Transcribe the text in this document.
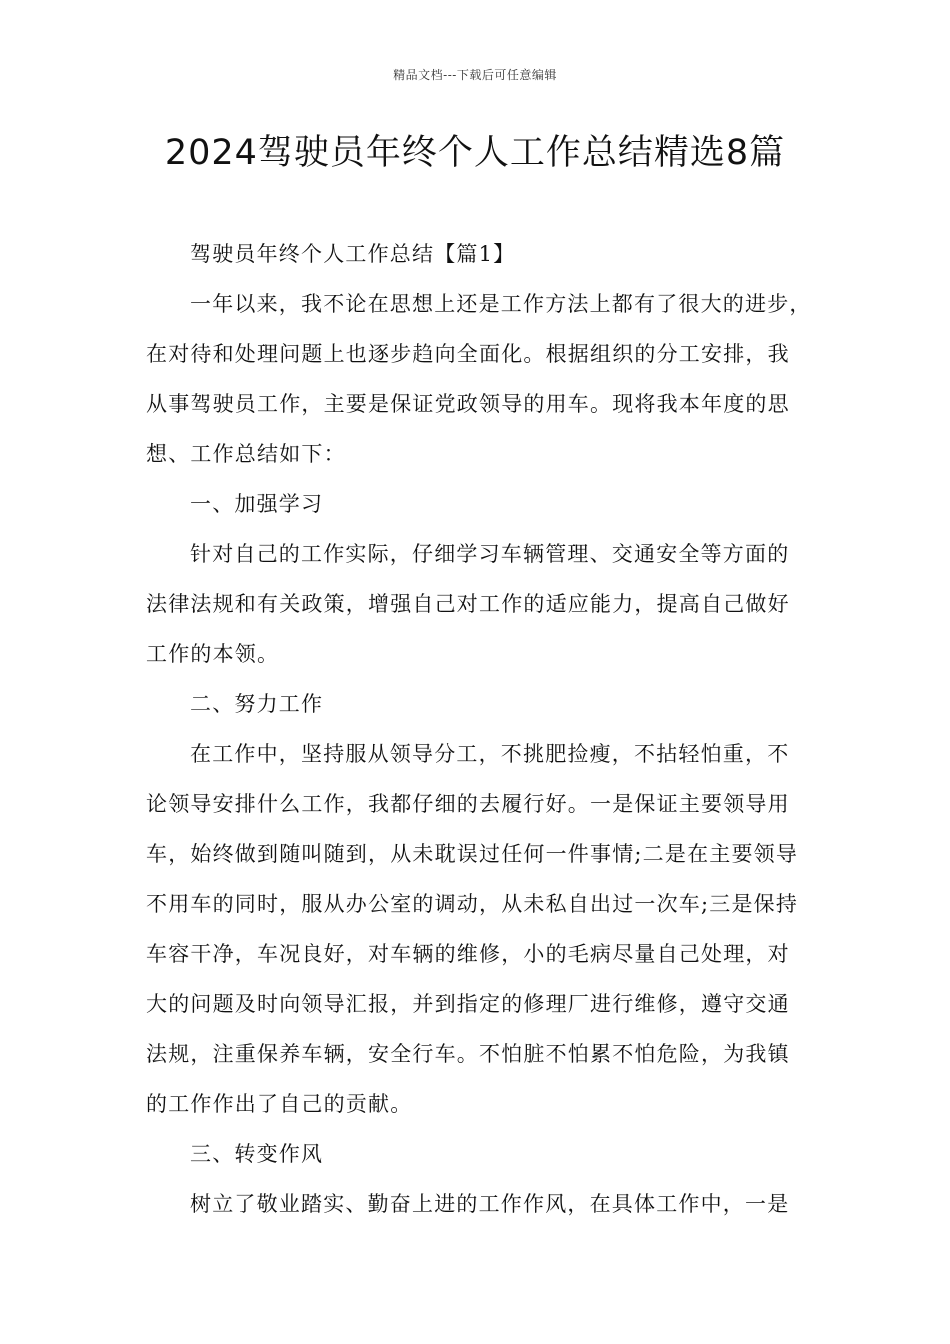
精品文档---下载后可任意编辑
2024驾驶员年终个人工作总结精选8篇
驾驶员年终个人工作总结【篇1】
一年以来，我不论在思想上还是工作方法上都有了很大的进步，
在对待和处理问题上也逐步趋向全面化。根据组织的分工安排，我
从事驾驶员工作，主要是保证党政领导的用车。现将我本年度的思
想、工作总结如下：
一、加强学习
针对自己的工作实际，仔细学习车辆管理、交通安全等方面的
法律法规和有关政策，增强自己对工作的适应能力，提高自己做好
工作的本领。
二、努力工作
在工作中，坚持服从领导分工，不挑肥捡瘦，不拈轻怕重，不
论领导安排什么工作，我都仔细的去履行好。一是保证主要领导用
车，始终做到随叫随到，从未耽误过任何一件事情;二是在主要领导
不用车的同时，服从办公室的调动，从未私自出过一次车;三是保持
车容干净，车况良好，对车辆的维修，小的毛病尽量自己处理，对
大的问题及时向领导汇报，并到指定的修理厂进行维修，遵守交通
法规，注重保养车辆，安全行车。不怕脏不怕累不怕危险，为我镇
的工作作出了自己的贡献。
三、转变作风
树立了敬业踏实、勤奋上进的工作作风，在具体工作中，一是
